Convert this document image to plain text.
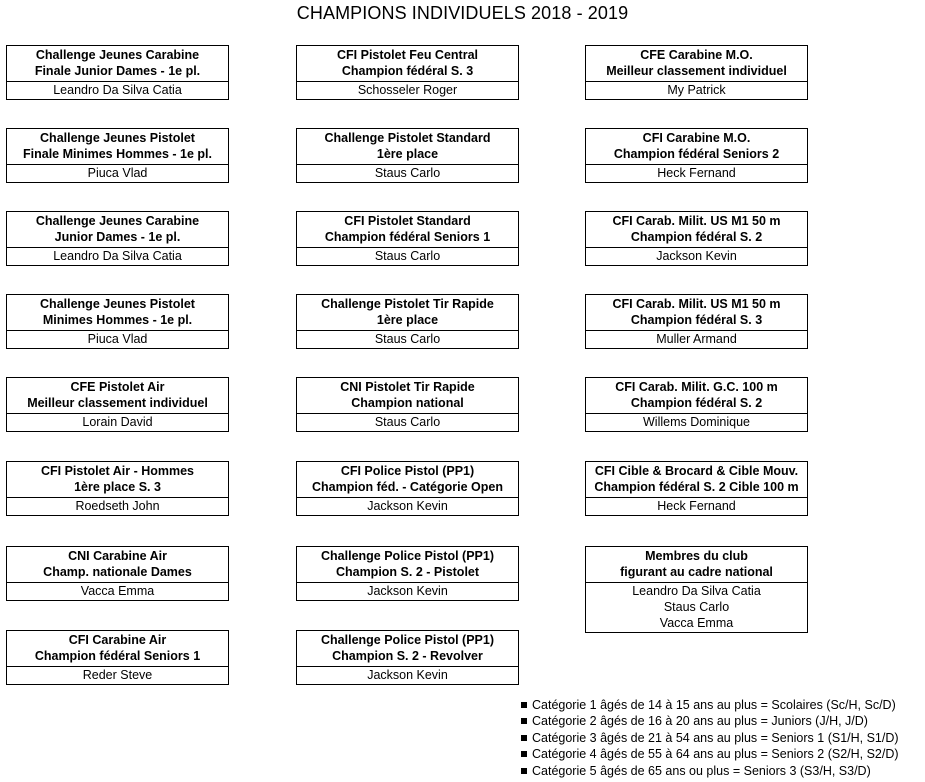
CHAMPIONS INDIVIDUELS 2018 - 2019
Challenge Jeunes Carabine
Finale Junior Dames - 1e pl.
Leandro Da Silva Catia
CFI Pistolet Feu Central
Champion fédéral S. 3
Schosseler Roger
CFE Carabine M.O.
Meilleur classement individuel
My Patrick
Challenge Jeunes Pistolet
Finale Minimes Hommes - 1e pl.
Piuca Vlad
Challenge Pistolet Standard
1ère place
Staus Carlo
CFI Carabine M.O.
Champion fédéral Seniors 2
Heck Fernand
Challenge Jeunes Carabine
Junior Dames - 1e pl.
Leandro Da Silva Catia
CFI Pistolet Standard
Champion fédéral Seniors 1
Staus Carlo
CFI Carab. Milit. US M1 50 m
Champion fédéral S. 2
Jackson Kevin
Challenge Jeunes Pistolet
Minimes Hommes - 1e pl.
Piuca Vlad
Challenge Pistolet Tir Rapide
1ère place
Staus Carlo
CFI Carab. Milit. US M1 50 m
Champion fédéral S. 3
Muller Armand
CFE Pistolet Air
Meilleur classement individuel
Lorain David
CNI Pistolet Tir Rapide
Champion national
Staus Carlo
CFI Carab. Milit. G.C. 100 m
Champion fédéral S. 2
Willems Dominique
CFI Pistolet Air - Hommes
1ère place S. 3
Roedseth John
CFI Police Pistol (PP1)
Champion féd. - Catégorie Open
Jackson Kevin
CFI Cible & Brocard & Cible Mouv.
Champion fédéral S. 2 Cible 100 m
Heck Fernand
CNI Carabine Air
Champ. nationale Dames
Vacca Emma
Challenge Police Pistol (PP1)
Champion S. 2 - Pistolet
Jackson Kevin
Membres du club
figurant au cadre national
Leandro Da Silva Catia
Staus Carlo
Vacca Emma
CFI Carabine Air
Champion fédéral Seniors 1
Reder Steve
Challenge Police Pistol (PP1)
Champion S. 2 - Revolver
Jackson Kevin
Catégorie 1 âgés de 14 à 15 ans au plus = Scolaires (Sc/H, Sc/D)
Catégorie 2 âgés de 16 à 20 ans au plus = Juniors (J/H, J/D)
Catégorie 3 âgés de 21 à 54 ans au plus = Seniors 1 (S1/H, S1/D)
Catégorie 4 âgés de 55 à 64 ans au plus = Seniors 2 (S2/H, S2/D)
Catégorie 5 âgés de 65 ans ou plus = Seniors 3 (S3/H, S3/D)
